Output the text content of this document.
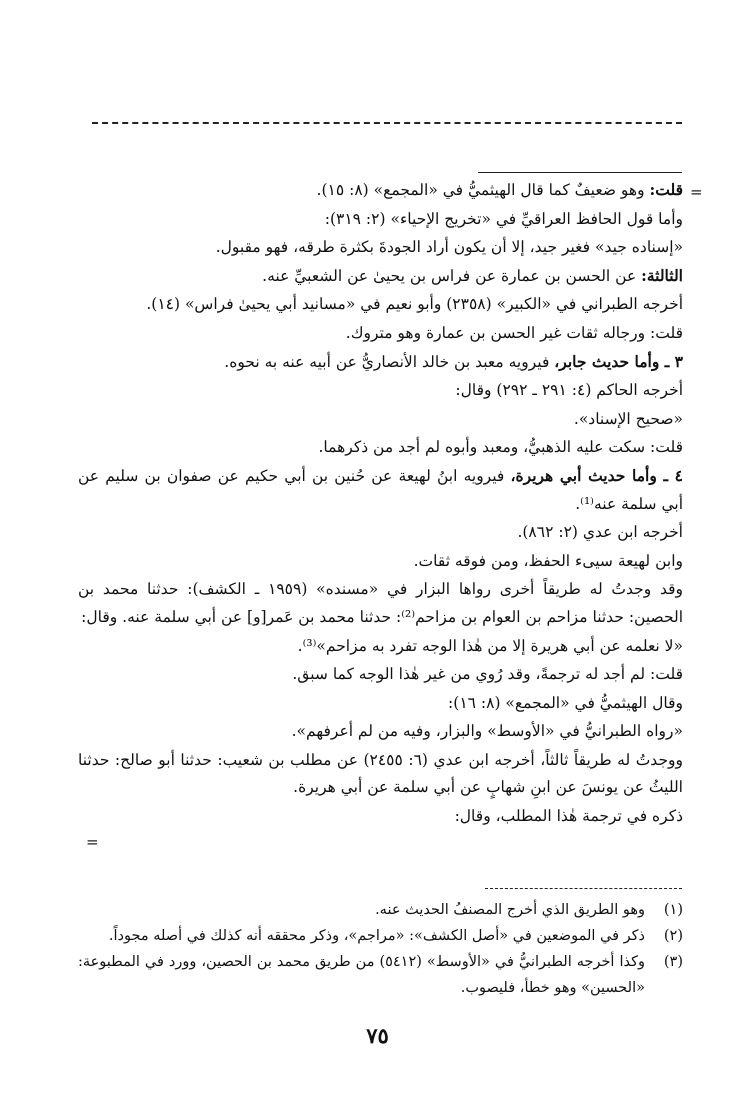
=
=

قلت: وهو ضعيفٌ كما قال الهيثميُّ في «المجمع» (٨: ١٥).

وأما قول الحافظ العراقيِّ في «تخريج الإحياء» (٢: ٣١٩):

«إسناده جيد» فغير جيد، إلا أن يكون أراد الجودةَ بكثرة طرقه، فهو مقبول.

الثالثة: عن الحسن بن عمارة عن فراس بن يحيىٰ عن الشعبيِّ عنه.

أخرجه الطبراني في «الكبير» (٢٣٥٨) وأبو نعيم في «مسانيد أبي يحيىٰ فراس» (١٤).

قلت: ورجاله ثقات غير الحسن بن عمارة وهو متروك.

٣ ـ وأما حديث جابر، فيرويه معبد بن خالد الأنصاريُّ عن أبيه عنه به نحوه.

أخرجه الحاكم (٤: ٢٩١ ـ ٢٩٢) وقال:

«صحيح الإسناد».

قلت: سكت عليه الذهبيُّ، ومعبد وأبوه لم أجد من ذكرهما.

٤ ـ وأما حديث أبي هريرة، فيرويه ابنُ لهيعة عن حُنين بن أبي حكيم عن صفوان بن سليم عن أبي سلمة عنه⁽¹⁾.

أخرجه ابن عدي (٢: ٨٦٢).

وابن لهيعة سيىء الحفظ، ومن فوقه ثقات.

وقد وجدتُ له طريقاً أخرى رواها البزار في «مسنده» (١٩٥٩ ـ الكشف): حدثنا محمد بن الحصين: حدثنا مزاحم بن العوام بن مزاحم⁽²⁾: حدثنا محمد بن عَمر[و] عن أبي سلمة عنه. وقال:

«لا نعلمه عن أبي هريرة إلا من هٰذا الوجه تفرد به مزاحم»⁽³⁾.

قلت: لم أجد له ترجمةً، وقد رُوي من غير هٰذا الوجه كما سبق.

وقال الهيثميُّ في «المجمع» (٨: ١٦):

«رواه الطبرانيُّ في «الأوسط» والبزار، وفيه من لم أعرفهم».

ووجدتُ له طريقاً ثالثاً، أخرجه ابن عدي (٦: ٢٤٥٥) عن مطلب بن شعيب: حدثنا أبو صالح: حدثنا الليثُ عن يونسَ عن ابنِ شهابٍ عن أبي سلمة عن أبي هريرة.

ذكره في ترجمة هٰذا المطلب، وقال:

(١)
وهو الطريق الذي أخرج المصنفُ الحديث عنه.
(٢)
ذكر في الموضعين في «أصل الكشف»: «مراجم»، وذكر محققه أنه كذلك في أصله مجوداً.
(٣)
وكذا أخرجه الطبرانيُّ في «الأوسط» (٥٤١٢) من طريق محمد بن الحصين، وورد في المطبوعة: «الحسين» وهو خطأ، فليصوب.
٧٥
